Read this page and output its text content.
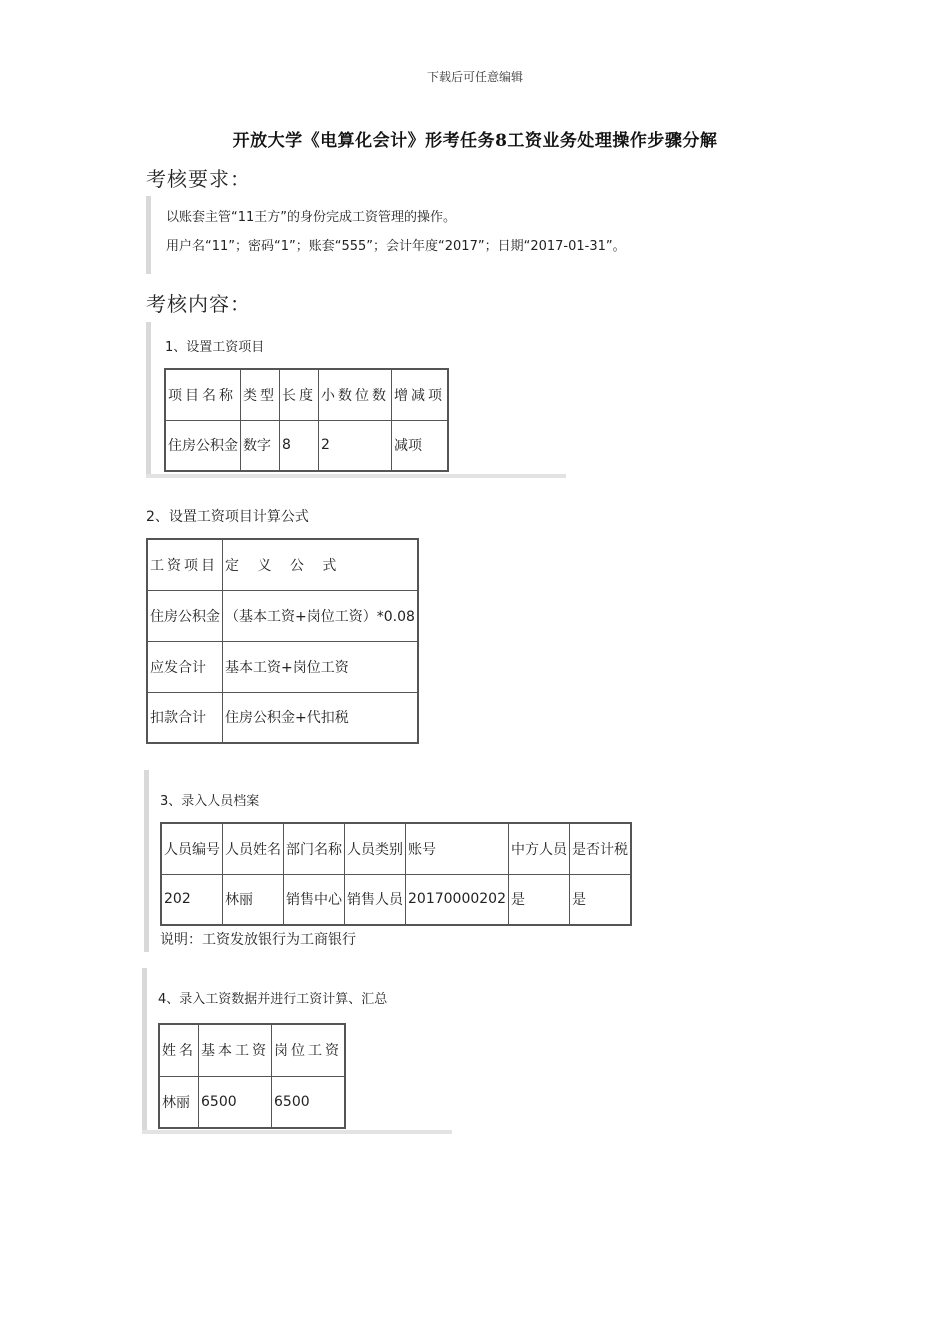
下载后可任意编辑
开放大学《电算化会计》形考任务8工资业务处理操作步骤分解
考核要求：
以账套主管“11王方”的身份完成工资管理的操作。
用户名“11”；密码“1”；账套“555”；会计年度“2017”；日期“2017-01-31”。
考核内容：
1、设置工资项目
项目名称	类型	长度	小数位数	增减项
住房公积金	数字	8	2	减项
2、设置工资项目计算公式
工资项目	定 义 公 式
住房公积金	（基本工资+岗位工资）*0.08
应发合计	基本工资+岗位工资
扣款合计	住房公积金+代扣税
3、录入人员档案
人员编号	人员姓名	部门名称	人员类别	账号	中方人员	是否计税
202	林丽	销售中心	销售人员	20170000202	是	是
说明：工资发放银行为工商银行
4、录入工资数据并进行工资计算、汇总
姓名	基本工资	岗位工资
林丽	6500	6500
